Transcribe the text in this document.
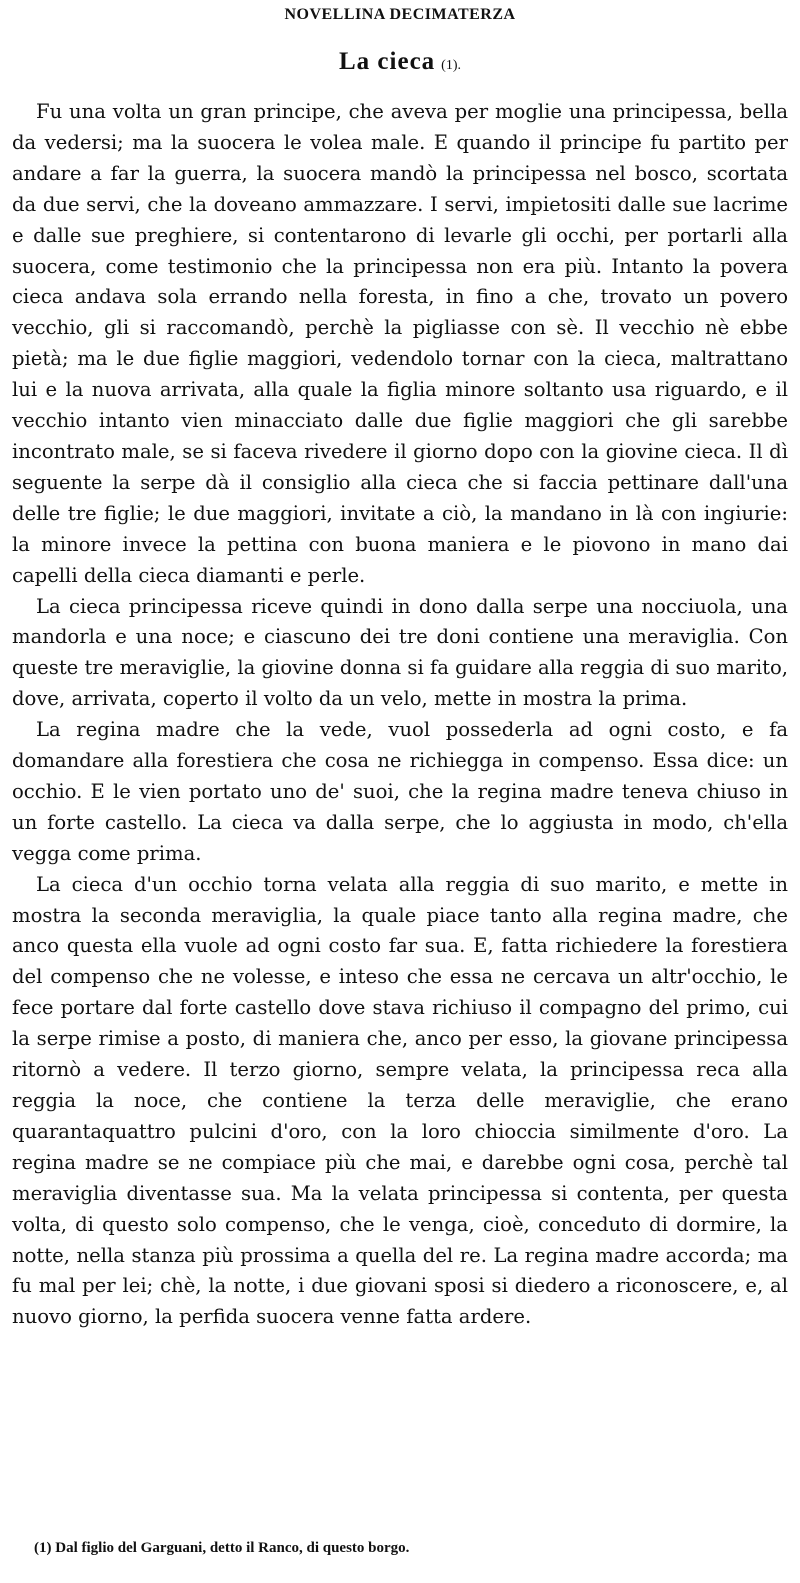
NOVELLINA DECIMATERZA
La cieca (1).

Fu una volta un gran principe, che aveva per moglie una principessa, bella da vedersi; ma la suocera le volea male. E quando il principe fu partito per andare a far la guerra, la suocera mandò la principessa nel bosco, scortata da due servi, che la doveano ammazzare. I servi, impietositi dalle sue lacrime e dalle sue preghiere, si contentarono di levarle gli occhi, per portarli alla suocera, come testimonio che la principessa non era più. Intanto la povera cieca andava sola errando nella foresta, in fino a che, trovato un povero vecchio, gli si raccomandò, perchè la pigliasse con sè. Il vecchio nè ebbe pietà; ma le due figlie maggiori, vedendolo tornar con la cieca, maltrattano lui e la nuova arrivata, alla quale la figlia minore soltanto usa riguardo, e il vecchio intanto vien minacciato dalle due figlie maggiori che gli sarebbe incontrato male, se si faceva rivedere il giorno dopo con la giovine cieca. Il dì seguente la serpe dà il consiglio alla cieca che si faccia pettinare dall'una delle tre figlie; le due maggiori, invitate a ciò, la mandano in là con ingiurie: la minore invece la pettina con buona maniera e le piovono in mano dai capelli della cieca diamanti e perle.

La cieca principessa riceve quindi in dono dalla serpe una nocciuola, una mandorla e una noce; e ciascuno dei tre doni contiene una meraviglia. Con queste tre meraviglie, la giovine donna si fa guidare alla reggia di suo marito, dove, arrivata, coperto il volto da un velo, mette in mostra la prima.

La regina madre che la vede, vuol possederla ad ogni costo, e fa domandare alla forestiera che cosa ne richiegga in compenso. Essa dice: un occhio. E le vien portato uno de' suoi, che la regina madre teneva chiuso in un forte castello. La cieca va dalla serpe, che lo aggiusta in modo, ch'ella vegga come prima.

La cieca d'un occhio torna velata alla reggia di suo marito, e mette in mostra la seconda meraviglia, la quale piace tanto alla regina madre, che anco questa ella vuole ad ogni costo far sua. E, fatta richiedere la forestiera del compenso che ne volesse, e inteso che essa ne cercava un altr'occhio, le fece portare dal forte castello dove stava richiuso il compagno del primo, cui la serpe rimise a posto, di maniera che, anco per esso, la giovane principessa ritornò a vedere. Il terzo giorno, sempre velata, la principessa reca alla reggia la noce, che contiene la terza delle meraviglie, che erano quarantaquattro pulcini d'oro, con la loro chioccia similmente d'oro. La regina madre se ne compiace più che mai, e darebbe ogni cosa, perchè tal meraviglia diventasse sua. Ma la velata principessa si contenta, per questa volta, di questo solo compenso, che le venga, cioè, conceduto di dormire, la notte, nella stanza più prossima a quella del re. La regina madre accorda; ma fu mal per lei; chè, la notte, i due giovani sposi si diedero a riconoscere, e, al nuovo giorno, la perfida suocera venne fatta ardere.

(1) Dal figlio del Garguani, detto il Ranco, di questo borgo.
